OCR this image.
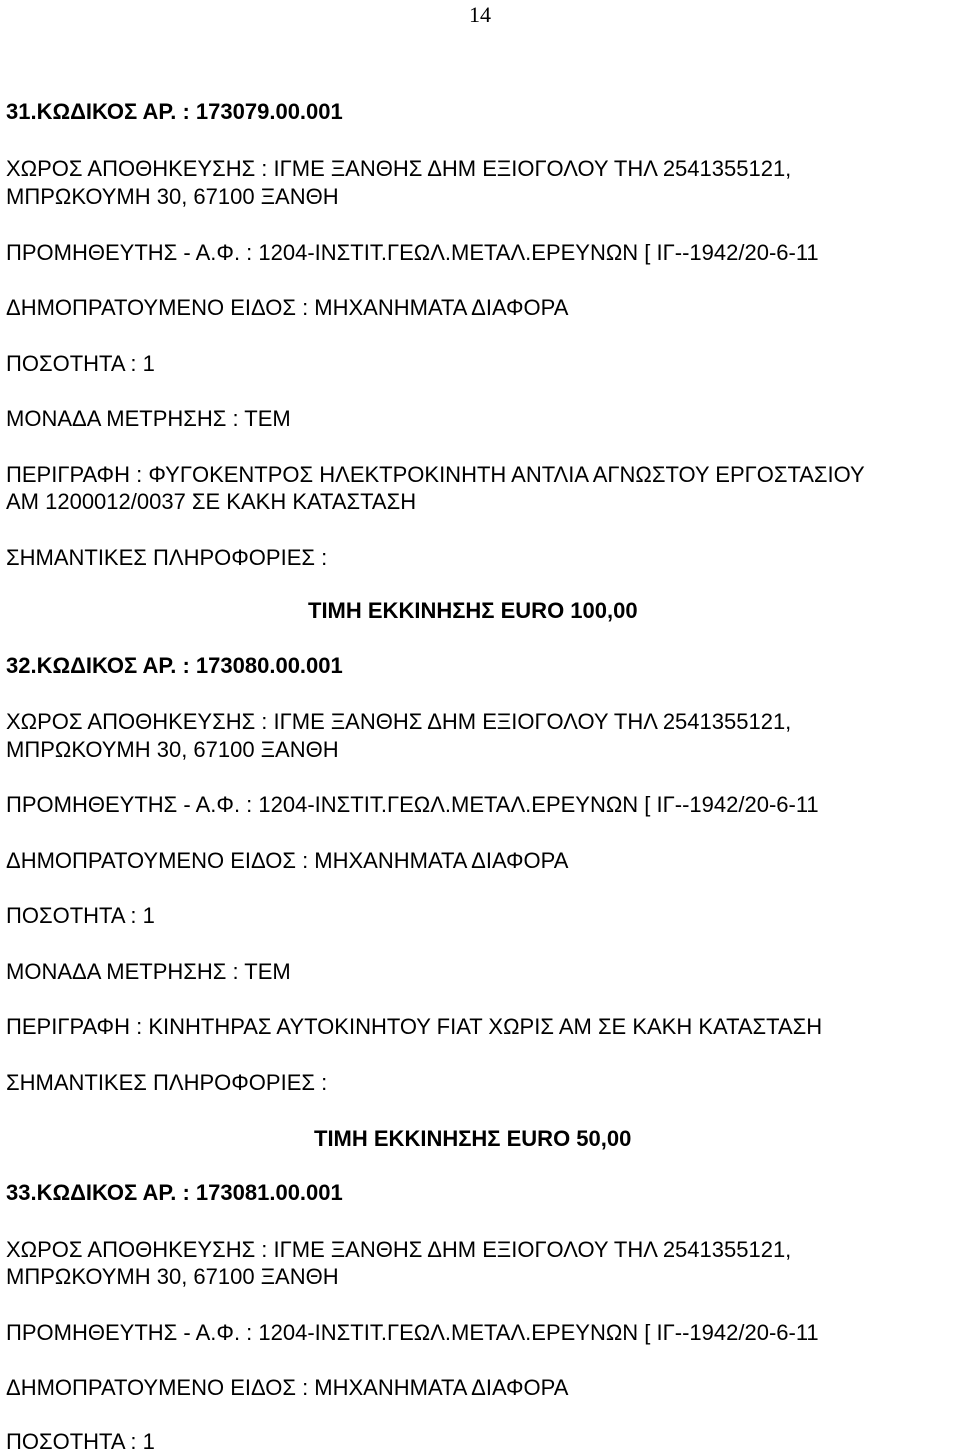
14
31.ΚΩΔΙΚΟΣ ΑΡ. : 173079.00.001
ΧΩΡΟΣ ΑΠΟΘΗΚΕΥΣΗΣ : ΙΓΜΕ ΞΑΝΘΗΣ ΔΗΜ ΕΞΙΟΓΟΛΟΥ ΤΗΛ 2541355121,
ΜΠΡΩΚΟΥΜΗ 30, 67100 ΞΑΝΘΗ
ΠΡΟΜΗΘΕΥΤΗΣ - Α.Φ. : 1204-ΙΝΣΤΙΤ.ΓΕΩΛ.ΜΕΤΑΛ.ΕΡΕΥΝΩΝ [ ΙΓ--1942/20-6-11
ΔΗΜΟΠΡΑΤΟΥΜΕΝΟ ΕΙΔΟΣ : ΜΗΧΑΝΗΜΑΤΑ ΔΙΑΦΟΡΑ
ΠΟΣΟΤΗΤΑ : 1
ΜΟΝΑΔΑ ΜΕΤΡΗΣΗΣ : ΤΕΜ
ΠΕΡΙΓΡΑΦΗ : ΦΥΓΟΚΕΝΤΡΟΣ ΗΛΕΚΤΡΟΚΙΝΗΤΗ ΑΝΤΛΙΑ ΑΓΝΩΣΤΟΥ ΕΡΓΟΣΤΑΣΙΟΥ
ΑΜ 1200012/0037 ΣΕ ΚΑΚΗ ΚΑΤΑΣΤΑΣΗ
ΣΗΜΑΝΤΙΚΕΣ ΠΛΗΡΟΦΟΡΙΕΣ :
ΤΙΜΗ ΕΚΚΙΝΗΣΗΣ EURO 100,00
32.ΚΩΔΙΚΟΣ ΑΡ. : 173080.00.001
ΧΩΡΟΣ ΑΠΟΘΗΚΕΥΣΗΣ : ΙΓΜΕ ΞΑΝΘΗΣ ΔΗΜ ΕΞΙΟΓΟΛΟΥ ΤΗΛ 2541355121,
ΜΠΡΩΚΟΥΜΗ 30, 67100 ΞΑΝΘΗ
ΠΡΟΜΗΘΕΥΤΗΣ - Α.Φ. : 1204-ΙΝΣΤΙΤ.ΓΕΩΛ.ΜΕΤΑΛ.ΕΡΕΥΝΩΝ [ ΙΓ--1942/20-6-11
ΔΗΜΟΠΡΑΤΟΥΜΕΝΟ ΕΙΔΟΣ : ΜΗΧΑΝΗΜΑΤΑ ΔΙΑΦΟΡΑ
ΠΟΣΟΤΗΤΑ : 1
ΜΟΝΑΔΑ ΜΕΤΡΗΣΗΣ : ΤΕΜ
ΠΕΡΙΓΡΑΦΗ : ΚΙΝΗΤΗΡΑΣ ΑΥΤΟΚΙΝΗΤΟΥ FIAT ΧΩΡΙΣ ΑΜ ΣΕ ΚΑΚΗ ΚΑΤΑΣΤΑΣΗ
ΣΗΜΑΝΤΙΚΕΣ ΠΛΗΡΟΦΟΡΙΕΣ :
ΤΙΜΗ ΕΚΚΙΝΗΣΗΣ EURO 50,00
33.ΚΩΔΙΚΟΣ ΑΡ. : 173081.00.001
ΧΩΡΟΣ ΑΠΟΘΗΚΕΥΣΗΣ : ΙΓΜΕ ΞΑΝΘΗΣ ΔΗΜ ΕΞΙΟΓΟΛΟΥ ΤΗΛ 2541355121,
ΜΠΡΩΚΟΥΜΗ 30, 67100 ΞΑΝΘΗ
ΠΡΟΜΗΘΕΥΤΗΣ - Α.Φ. : 1204-ΙΝΣΤΙΤ.ΓΕΩΛ.ΜΕΤΑΛ.ΕΡΕΥΝΩΝ [ ΙΓ--1942/20-6-11
ΔΗΜΟΠΡΑΤΟΥΜΕΝΟ ΕΙΔΟΣ : ΜΗΧΑΝΗΜΑΤΑ ΔΙΑΦΟΡΑ
ΠΟΣΟΤΗΤΑ : 1
